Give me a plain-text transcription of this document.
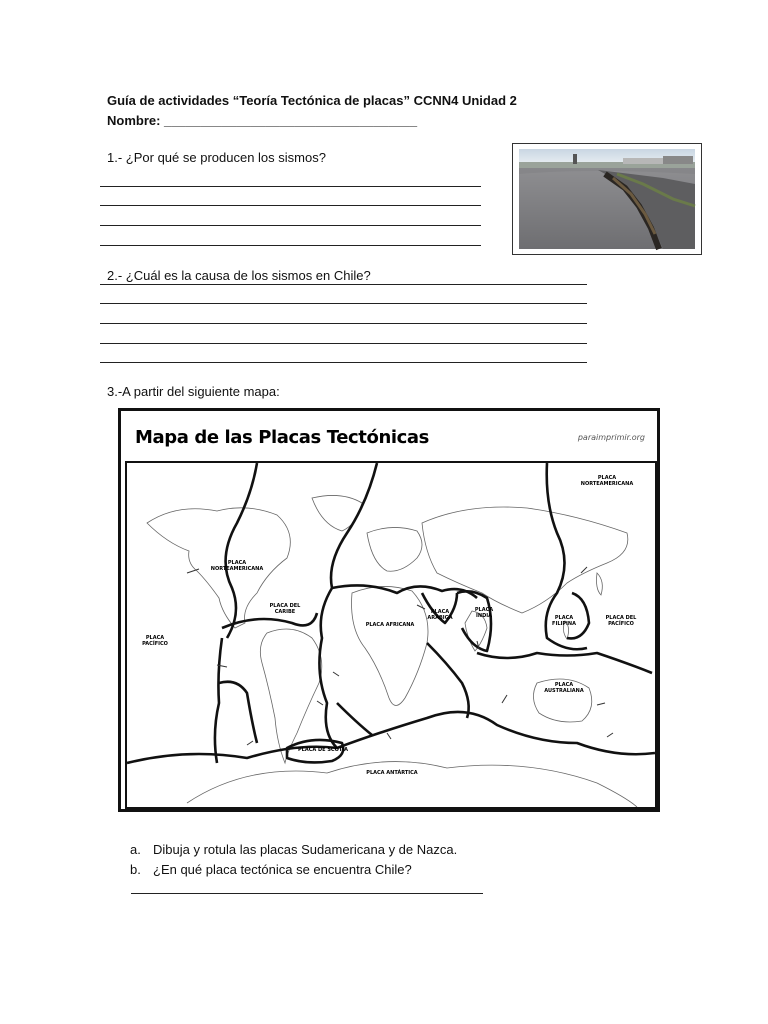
Guía de actividades “Teoría Tectónica de placas” CCNN4 Unidad 2
Nombre: ___________________________________
1.- ¿Por qué se producen los sismos?
2.- ¿Cuál es la causa de los sismos en Chile?
3.-A partir del siguiente mapa:
Mapa de las Placas Tectónicas	paraimprimir.org
PLACA
NORTEAMERICANA
PLACA
NORTEAMERICANA
PLACA DEL
CARIBE
PLACA
PACÍFICO
PLACA DEL
PACÍFICO
PLACA AFRICANA
PLACA
ARÁBIGA
PLACA
INDIA	PLACA
FILIPINA
PLACA
AUSTRALIANA
PLACA DE SCOTIA
PLACA ANTÁRTICA
a. Dibuja y rotula las placas Sudamericana y de Nazca.
b. ¿En qué placa tectónica se encuentra Chile?
